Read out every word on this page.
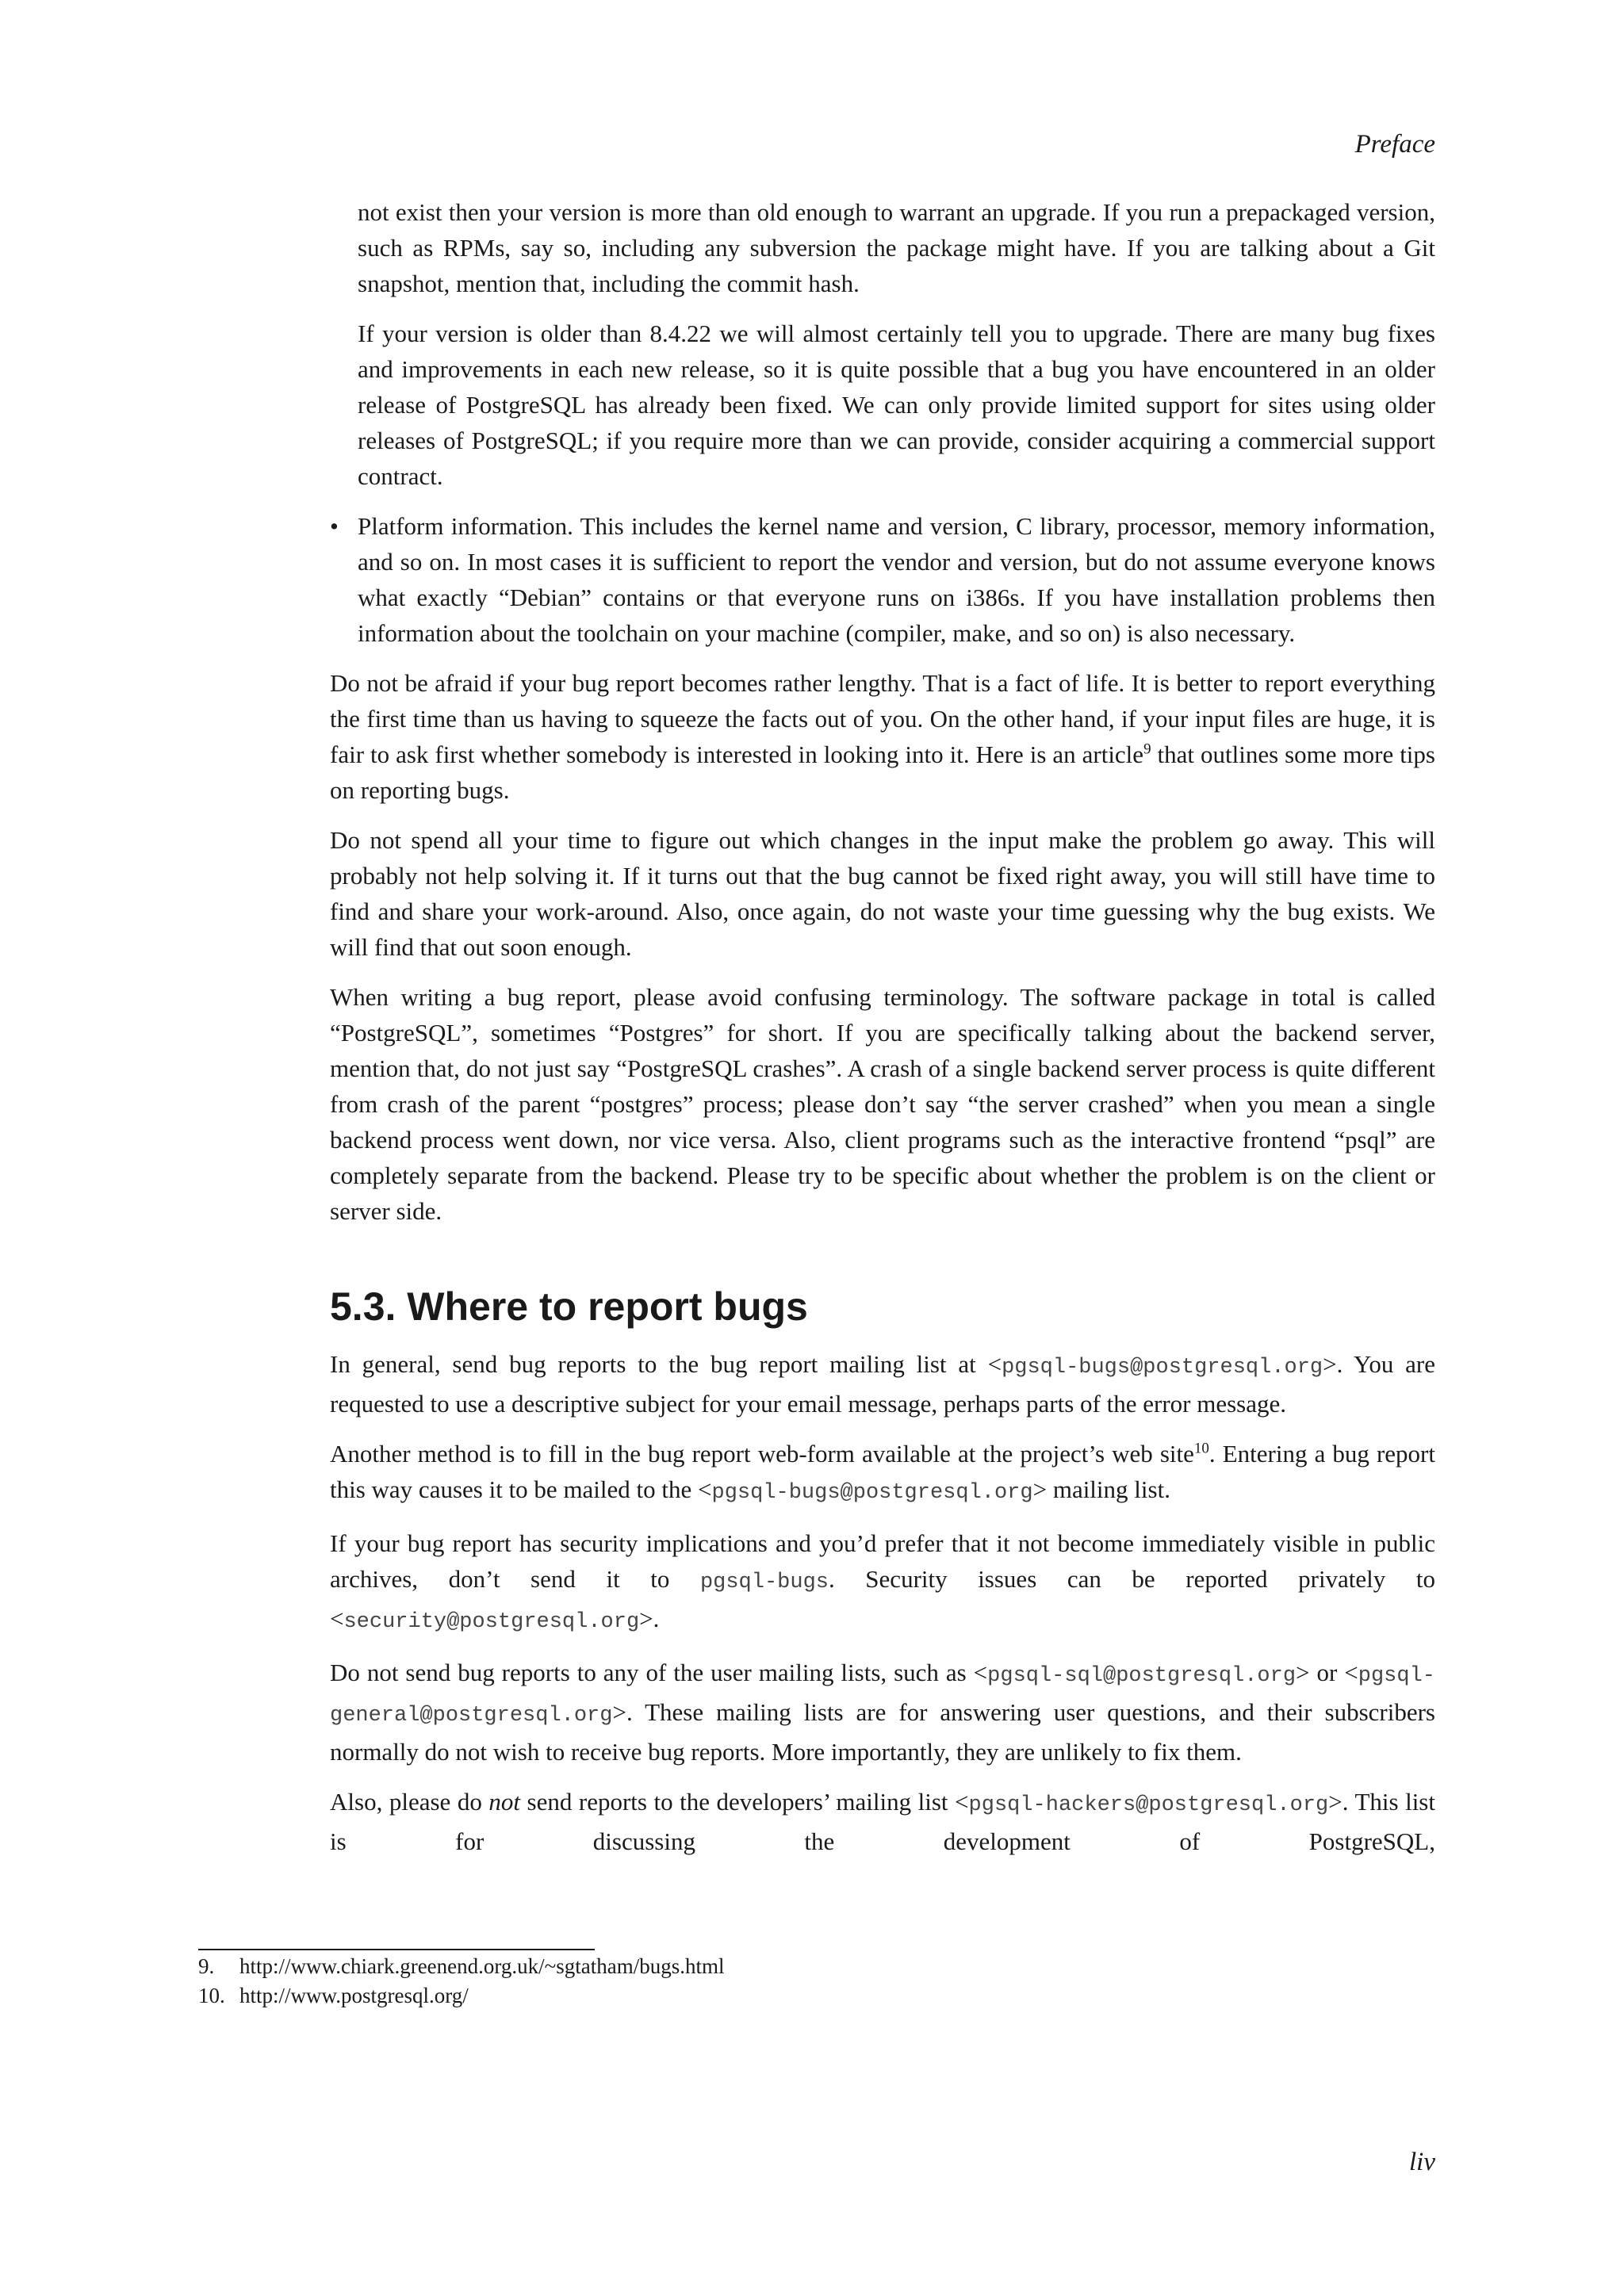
Preface

not exist then your version is more than old enough to warrant an upgrade. If you run a prepackaged version, such as RPMs, say so, including any subversion the package might have. If you are talking about a Git snapshot, mention that, including the commit hash.

If your version is older than 8.4.22 we will almost certainly tell you to upgrade. There are many bug fixes and improvements in each new release, so it is quite possible that a bug you have encountered in an older release of PostgreSQL has already been fixed. We can only provide limited support for sites using older releases of PostgreSQL; if you require more than we can provide, consider acquiring a commercial support contract.

• Platform information. This includes the kernel name and version, C library, processor, memory information, and so on. In most cases it is sufficient to report the vendor and version, but do not assume everyone knows what exactly “Debian” contains or that everyone runs on i386s. If you have installation problems then information about the toolchain on your machine (compiler, make, and so on) is also necessary.

Do not be afraid if your bug report becomes rather lengthy. That is a fact of life. It is better to report everything the first time than us having to squeeze the facts out of you. On the other hand, if your input files are huge, it is fair to ask first whether somebody is interested in looking into it. Here is an article$^9$ that outlines some more tips on reporting bugs.

Do not spend all your time to figure out which changes in the input make the problem go away. This will probably not help solving it. If it turns out that the bug cannot be fixed right away, you will still have time to find and share your work-around. Also, once again, do not waste your time guessing why the bug exists. We will find that out soon enough.

When writing a bug report, please avoid confusing terminology. The software package in total is called “PostgreSQL”, sometimes “Postgres” for short. If you are specifically talking about the backend server, mention that, do not just say “PostgreSQL crashes”. A crash of a single backend server process is quite different from crash of the parent “postgres” process; please don’t say “the server crashed” when you mean a single backend process went down, nor vice versa. Also, client programs such as the interactive frontend “psql” are completely separate from the backend. Please try to be specific about whether the problem is on the client or server side.

5.3. Where to report bugs

In general, send bug reports to the bug report mailing list at <pgsql-bugs@postgresql.org>. You are requested to use a descriptive subject for your email message, perhaps parts of the error message.

Another method is to fill in the bug report web-form available at the project’s web site$^{10}$. Entering a bug report this way causes it to be mailed to the <pgsql-bugs@postgresql.org> mailing list.

If your bug report has security implications and you’d prefer that it not become immediately visible in public archives, don’t send it to pgsql-bugs. Security issues can be reported privately to <security@postgresql.org>.

Do not send bug reports to any of the user mailing lists, such as <pgsql-sql@postgresql.org> or <pgsql-general@postgresql.org>. These mailing lists are for answering user questions, and their subscribers normally do not wish to receive bug reports. More importantly, they are unlikely to fix them.

Also, please do not send reports to the developers’ mailing list <pgsql-hackers@postgresql.org>. This list is for discussing the development of PostgreSQL,

9.	http://www.chiark.greenend.org.uk/~sgtatham/bugs.html
10. http://www.postgresql.org/
liv
